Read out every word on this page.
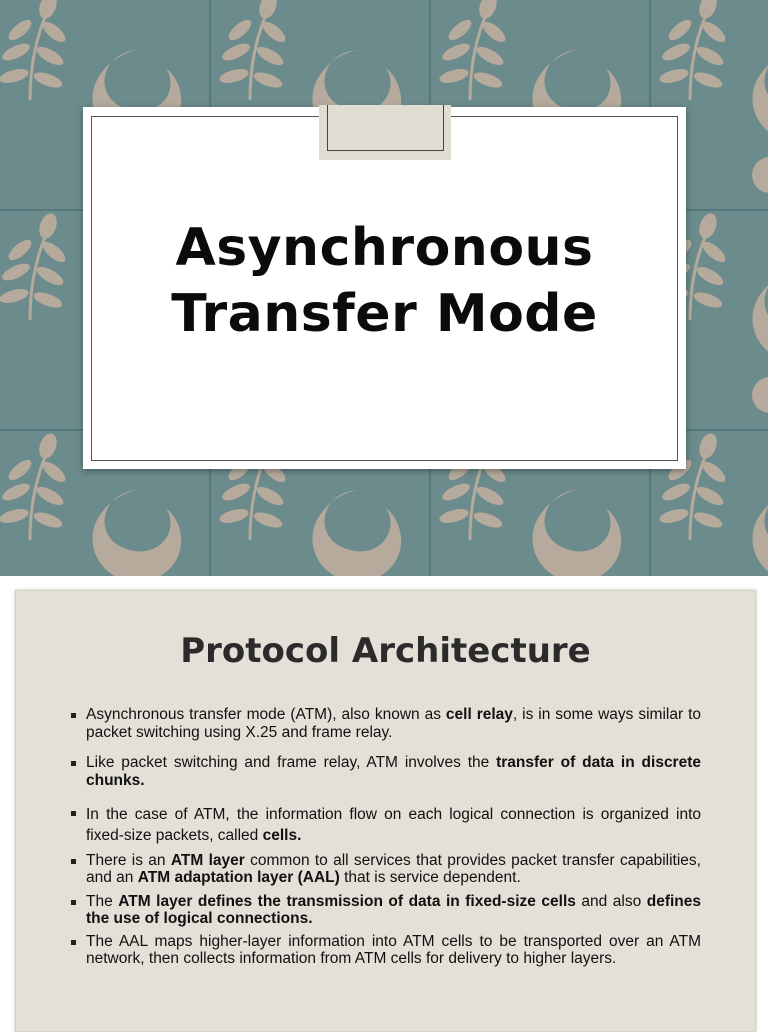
Asynchronous
Transfer Mode
Protocol Architecture
Asynchronous transfer mode (ATM), also known as cell relay, is in some ways similar to packet switching using X.25 and frame relay.
Like packet switching and frame relay, ATM involves the transfer of data in discrete chunks.
In the case of ATM, the information flow on each logical connection is organized into fixed-size packets, called cells.
There is an ATM layer common to all services that provides packet transfer capabilities, and an ATM adaptation layer (AAL) that is service dependent.
The ATM layer defines the transmission of data in fixed-size cells and also defines the use of logical connections.
The AAL maps higher-layer information into ATM cells to be transported over an ATM network, then collects information from ATM cells for delivery to higher layers.
